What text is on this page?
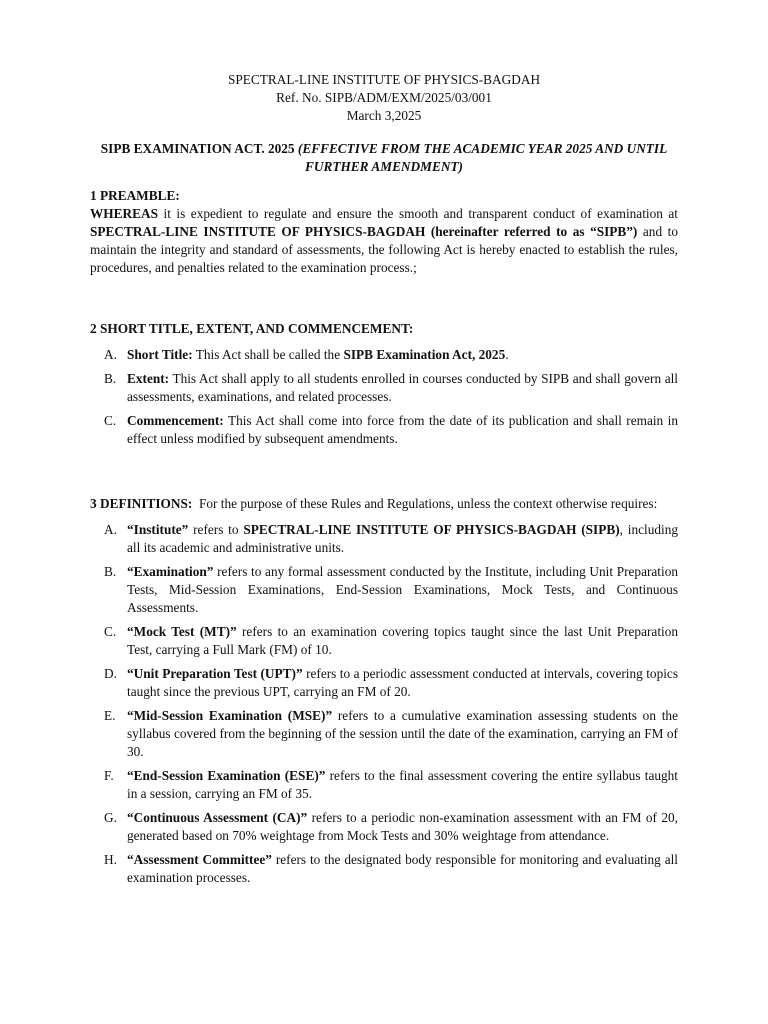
SPECTRAL-LINE INSTITUTE OF PHYSICS-BAGDAH
Ref. No. SIPB/ADM/EXM/2025/03/001
March 3,2025
SIPB EXAMINATION ACT. 2025 (EFFECTIVE FROM THE ACADEMIC YEAR 2025 AND UNTIL FURTHER AMENDMENT)
1 PREAMBLE:
WHEREAS it is expedient to regulate and ensure the smooth and transparent conduct of examination at SPECTRAL-LINE INSTITUTE OF PHYSICS-BAGDAH (hereinafter referred to as “SIPB”) and to maintain the integrity and standard of assessments, the following Act is hereby enacted to establish the rules, procedures, and penalties related to the examination process.;
2 SHORT TITLE, EXTENT, AND COMMENCEMENT:
A. Short Title: This Act shall be called the SIPB Examination Act, 2025.
B. Extent: This Act shall apply to all students enrolled in courses conducted by SIPB and shall govern all assessments, examinations, and related processes.
C. Commencement: This Act shall come into force from the date of its publication and shall remain in effect unless modified by subsequent amendments.
3 DEFINITIONS: For the purpose of these Rules and Regulations, unless the context otherwise requires:
A. “Institute” refers to SPECTRAL-LINE INSTITUTE OF PHYSICS-BAGDAH (SIPB), including all its academic and administrative units.
B. “Examination” refers to any formal assessment conducted by the Institute, including Unit Preparation Tests, Mid-Session Examinations, End-Session Examinations, Mock Tests, and Continuous Assessments.
C. “Mock Test (MT)” refers to an examination covering topics taught since the last Unit Preparation Test, carrying a Full Mark (FM) of 10.
D. “Unit Preparation Test (UPT)” refers to a periodic assessment conducted at intervals, covering topics taught since the previous UPT, carrying an FM of 20.
E. “Mid-Session Examination (MSE)” refers to a cumulative examination assessing students on the syllabus covered from the beginning of the session until the date of the examination, carrying an FM of 30.
F.	“End-Session Examination (ESE)” refers to the final assessment covering the entire syllabus taught in a session, carrying an FM of 35.
G. “Continuous Assessment (CA)” refers to a periodic non-examination assessment with an FM of 20, generated based on 70% weightage from Mock Tests and 30% weightage from attendance.
H. “Assessment Committee” refers to the designated body responsible for monitoring and evaluating all examination processes.
